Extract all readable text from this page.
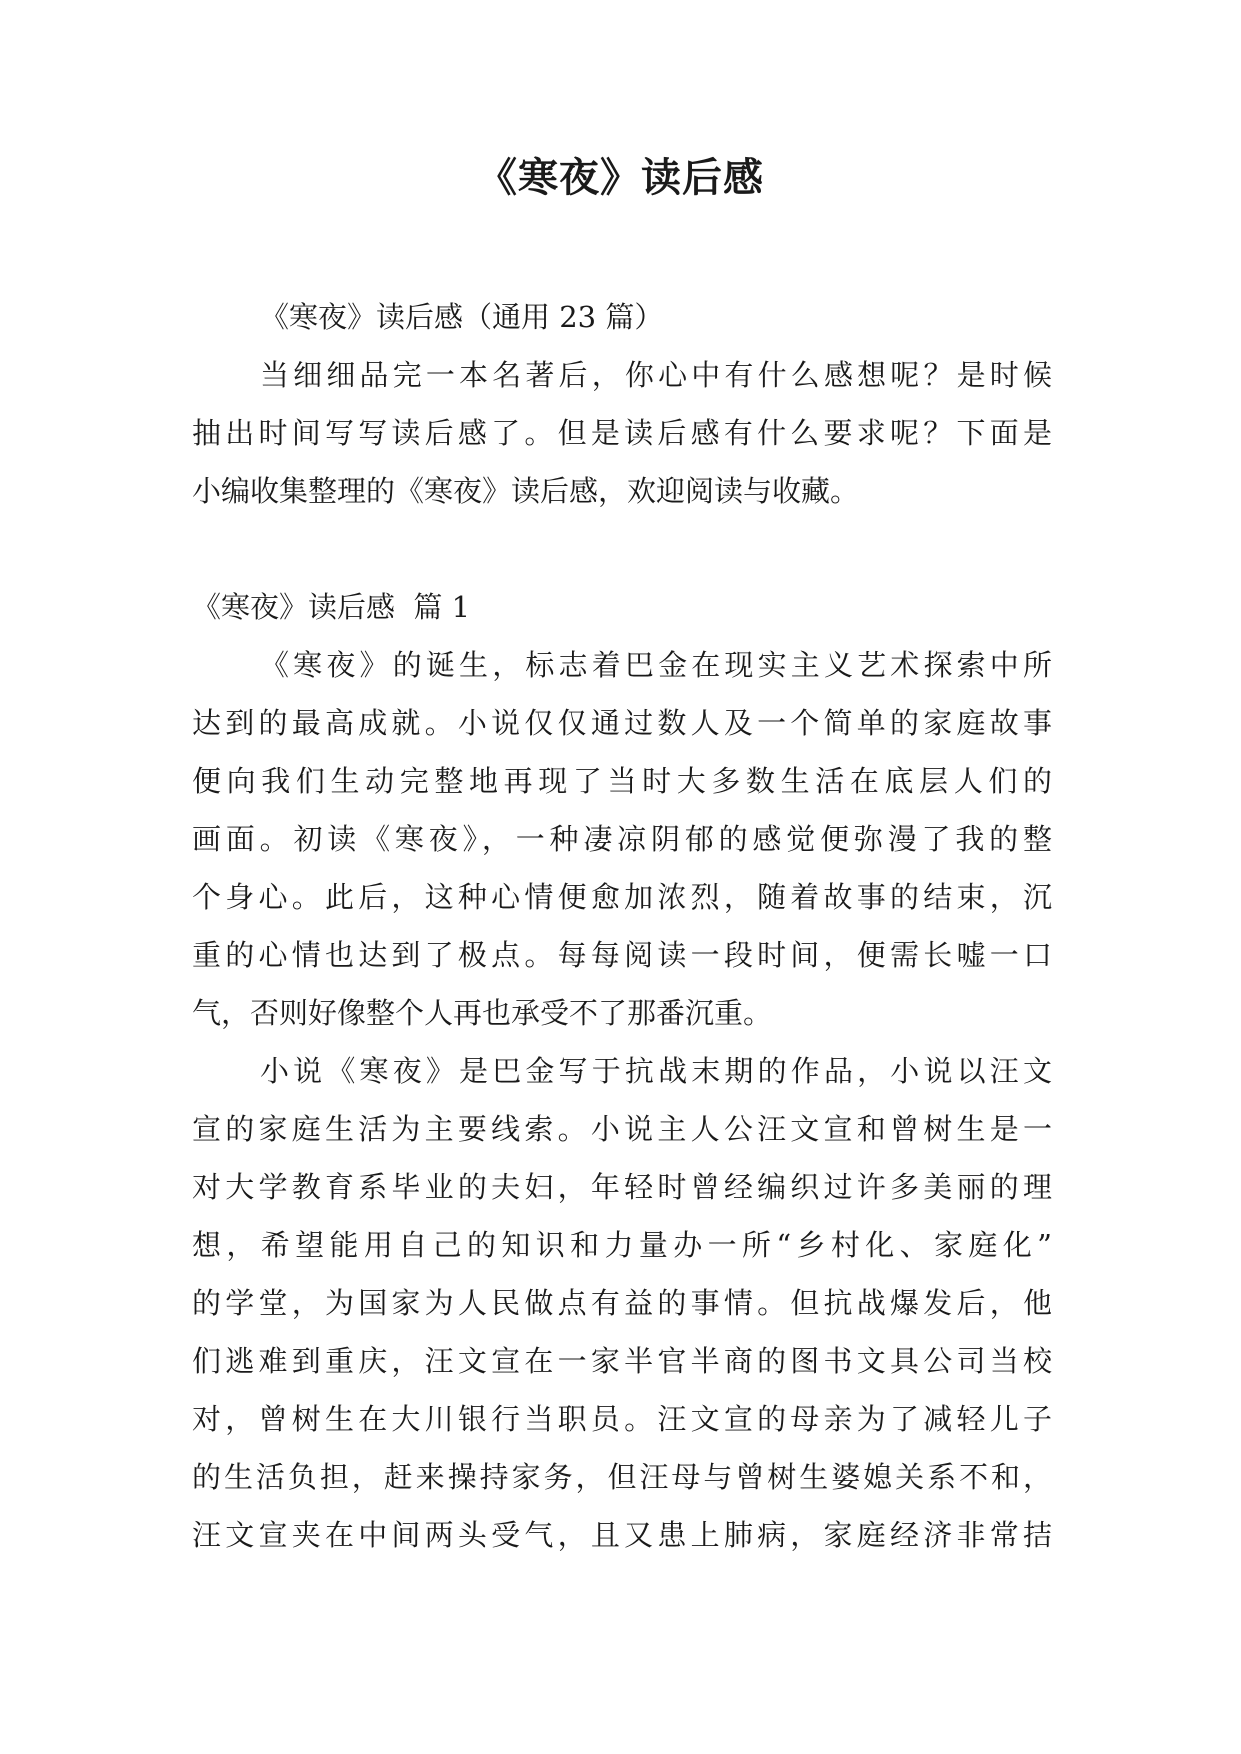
《寒夜》读后感
《寒夜》读后感（通用 23 篇）
当细细品完一本名著后，你心中有什么感想呢？是时候
抽出时间写写读后感了。但是读后感有什么要求呢？下面是
小编收集整理的《寒夜》读后感，欢迎阅读与收藏。
《寒夜》读后感  篇 1
《寒夜》的诞生，标志着巴金在现实主义艺术探索中所
达到的最高成就。小说仅仅通过数人及一个简单的家庭故事
便向我们生动完整地再现了当时大多数生活在底层人们的
画面。初读《寒夜》，一种凄凉阴郁的感觉便弥漫了我的整
个身心。此后，这种心情便愈加浓烈，随着故事的结束，沉
重的心情也达到了极点。每每阅读一段时间，便需长嘘一口
气，否则好像整个人再也承受不了那番沉重。
小说《寒夜》是巴金写于抗战末期的作品，小说以汪文
宣的家庭生活为主要线索。小说主人公汪文宣和曾树生是一
对大学教育系毕业的夫妇，年轻时曾经编织过许多美丽的理
想，希望能用自己的知识和力量办一所“乡村化、家庭化”
的学堂，为国家为人民做点有益的事情。但抗战爆发后，他
们逃难到重庆，汪文宣在一家半官半商的图书文具公司当校
对，曾树生在大川银行当职员。汪文宣的母亲为了减轻儿子
的生活负担，赶来操持家务，但汪母与曾树生婆媳关系不和，
汪文宣夹在中间两头受气，且又患上肺病，家庭经济非常拮
